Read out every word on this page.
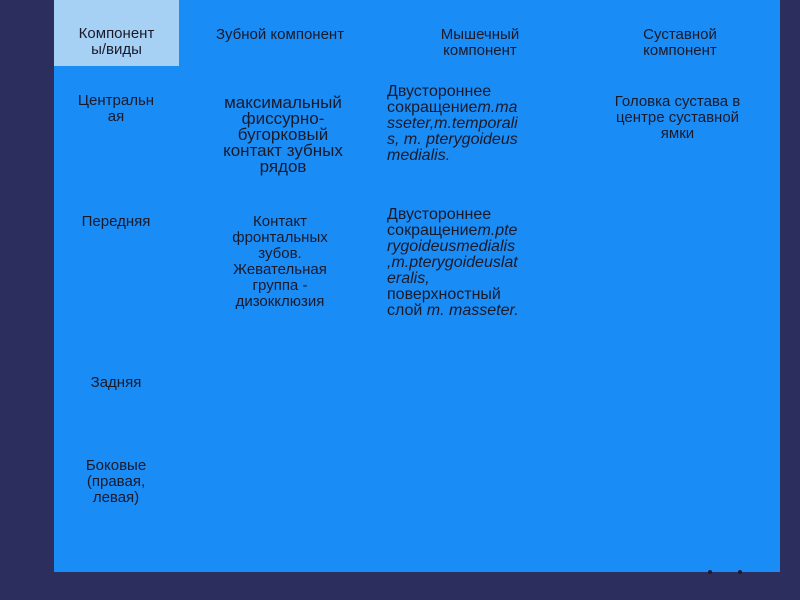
Компонент
ы/виды
Зубной компонент	Мышечный
компонент
Суставной
компонент
Центральн
ая
максимальный
фиссурно-
бугорковый
контакт зубных
рядов
Двустороннее
сокращениеm.ma
sseter,m.temporali
s, m. pterygoideus
medialis.
Головка сустава в
центре суставной
ямки
Передняя	Контакт
фронтальных
зубов.
Жевательная
группа -
дизокклюзия
Двустороннее
сокращениеm.pte
rygoideusmedialis
,m.pterygoideuslat
eralis,
поверхностный
слой m. masseter.
Задняя
Боковые
(правая,
левая)
